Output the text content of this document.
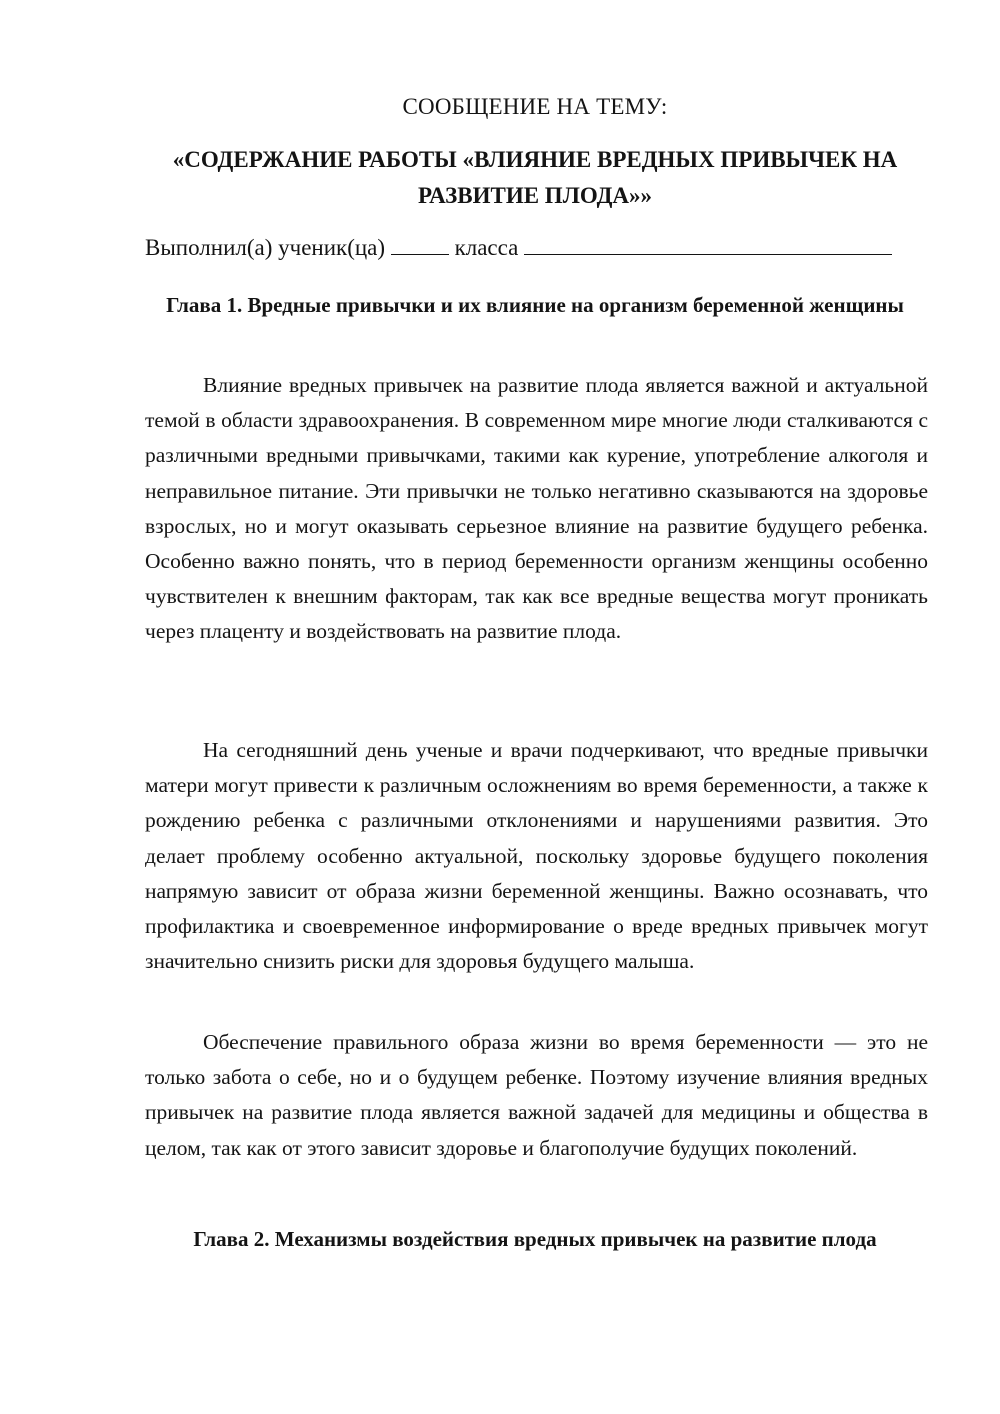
СООБЩЕНИЕ НА ТЕМУ:
«СОДЕРЖАНИЕ РАБОТЫ «ВЛИЯНИЕ ВРЕДНЫХ ПРИВЫЧЕК НА РАЗВИТИЕ ПЛОДА»»
Выполнил(а) ученик(ца)	класса
Глава 1. Вредные привычки и их влияние на организм беременной женщины

Влияние вредных привычек на развитие плода является важной и актуальной темой в области здравоохранения. В современном мире многие люди сталкиваются с различными вредными привычками, такими как курение, употребление алкоголя и неправильное питание. Эти привычки не только негативно сказываются на здоровье взрослых, но и могут оказывать серьезное влияние на развитие будущего ребенка. Особенно важно понять, что в период беременности организм женщины особенно чувствителен к внешним факторам, так как все вредные вещества могут проникать через плаценту и воздействовать на развитие плода.

На сегодняшний день ученые и врачи подчеркивают, что вредные привычки матери могут привести к различным осложнениям во время беременности, а также к рождению ребенка с различными отклонениями и нарушениями развития. Это делает проблему особенно актуальной, поскольку здоровье будущего поколения напрямую зависит от образа жизни беременной женщины. Важно осознавать, что профилактика и своевременное информирование о вреде вредных привычек могут значительно снизить риски для здоровья будущего малыша.

Обеспечение правильного образа жизни во время беременности — это не только забота о себе, но и о будущем ребенке. Поэтому изучение влияния вредных привычек на развитие плода является важной задачей для медицины и общества в целом, так как от этого зависит здоровье и благополучие будущих поколений.

Глава 2. Механизмы воздействия вредных привычек на развитие плода
